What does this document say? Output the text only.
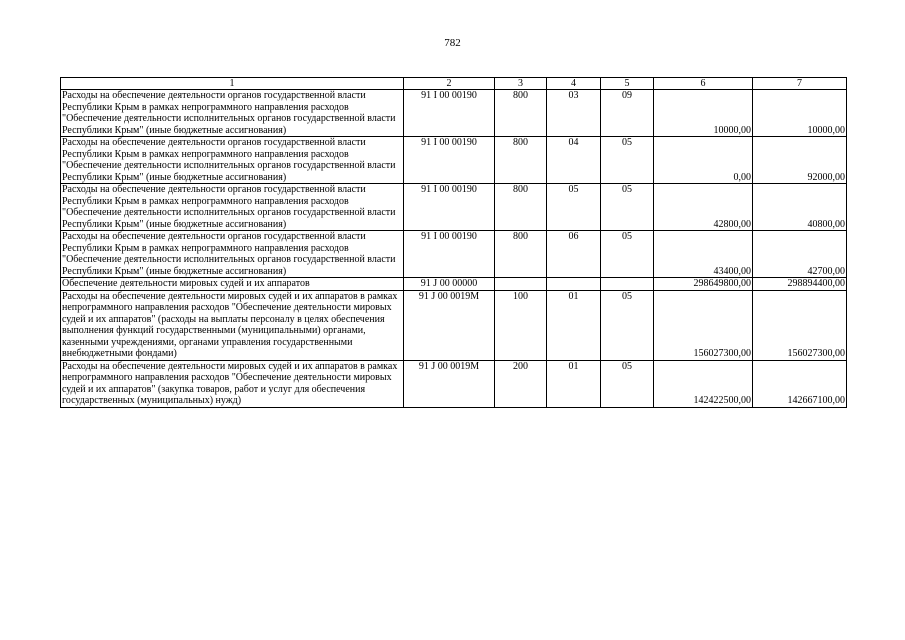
782
1	2	3	4	5	6	7
Расходы на обеспечение деятельности органов государственной власти Республики Крым в рамках непрограммного направления расходов "Обеспечение деятельности исполнительных органов государственной власти Республики Крым" (иные бюджетные ассигнования)	91 I 00 00190	800	03	09	10000,00	10000,00
Расходы на обеспечение деятельности органов государственной власти Республики Крым в рамках непрограммного направления расходов "Обеспечение деятельности исполнительных органов государственной власти Республики Крым" (иные бюджетные ассигнования)	91 I 00 00190	800	04	05	0,00	92000,00
Расходы на обеспечение деятельности органов государственной власти Республики Крым в рамках непрограммного направления расходов "Обеспечение деятельности исполнительных органов государственной власти Республики Крым" (иные бюджетные ассигнования)	91 I 00 00190	800	05	05	42800,00	40800,00
Расходы на обеспечение деятельности органов государственной власти Республики Крым в рамках непрограммного направления расходов "Обеспечение деятельности исполнительных органов государственной власти Республики Крым" (иные бюджетные ассигнования)	91 I 00 00190	800	06	05	43400,00	42700,00
Обеспечение деятельности мировых судей и их аппаратов	91 J 00 00000				298649800,00	298894400,00
Расходы на обеспечение деятельности мировых судей и их аппаратов в рамках непрограммного направления расходов "Обеспечение деятельности мировых судей и их аппаратов" (расходы на выплаты персоналу в целях обеспечения выполнения функций государственными (муниципальными) органами, казенными учреждениями, органами управления государственными внебюджетными фондами)	91 J 00 0019M	100	01	05	156027300,00	156027300,00
Расходы на обеспечение деятельности мировых судей и их аппаратов в рамках непрограммного направления расходов "Обеспечение деятельности мировых судей и их аппаратов" (закупка товаров, работ и услуг для обеспечения государственных (муниципальных) нужд)	91 J 00 0019M	200	01	05	142422500,00	142667100,00
